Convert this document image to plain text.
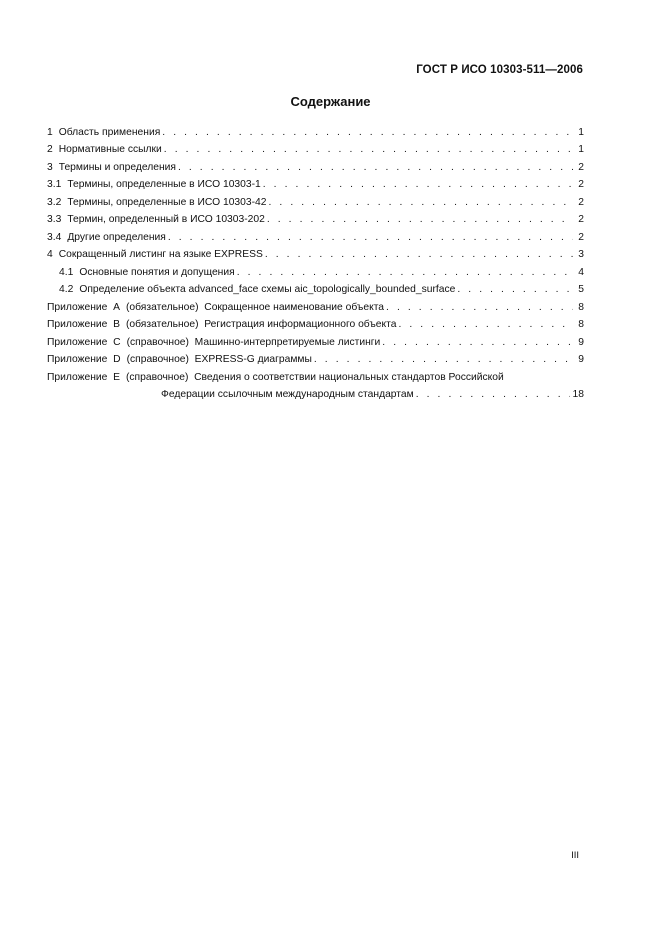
ГОСТ Р ИСО 10303-511—2006
Содержание
1 Область применения . . .	1
2 Нормативные ссылки . . .	1
3 Термины и определения . . .	2
3.1 Термины, определенные в ИСО 10303-1 . . .	2
3.2 Термины, определенные в ИСО 10303-42 . . .	2
3.3 Термин, определенный в ИСО 10303-202 . . .	2
3.4 Другие определения . . .	2
4 Сокращенный листинг на языке EXPRESS . . .	3
4.1 Основные понятия и допущения . . .	4
4.2 Определение объекта advanced_face схемы aic_topologically_bounded_surface . . .	5
Приложение  A (обязательное)  Сокращенное наименование объекта . . .	8
Приложение  B (обязательное)  Регистрация информационного объекта . . .	8
Приложение  C (справочное)  Машинно-интерпретируемые листинги . . .	9
Приложение  D (справочное)  EXPRESS-G диаграммы . . .	9
Приложение  E (справочное)  Сведения о соответствии национальных стандартов Российской
Федерации ссылочным международным стандартам . . .	18
III
